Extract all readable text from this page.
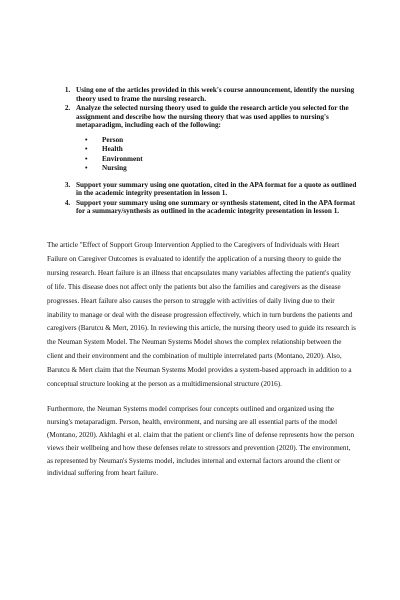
1. Using one of the articles provided in this week's course announcement, identify the nursing theory used to frame the nursing research.
2. Analyze the selected nursing theory used to guide the research article you selected for the assignment and describe how the nursing theory that was used applies to nursing's metaparadigm, including each of the following:
• Person
• Health
• Environment
• Nursing
3. Support your summary using one quotation, cited in the APA format for a quote as outlined in the academic integrity presentation in lesson 1.
4. Support your summary using one summary or synthesis statement, cited in the APA format for a summary/synthesis as outlined in the academic integrity presentation in lesson 1.

The article "Effect of Support Group Intervention Applied to the Caregivers of Individuals with Heart Failure on Caregiver Outcomes is evaluated to identify the application of a nursing theory to guide the nursing research. Heart failure is an illness that encapsulates many variables affecting the patient's quality of life. This disease does not affect only the patients but also the families and caregivers as the disease progresses. Heart failure also causes the person to struggle with activities of daily living due to their inability to manage or deal with the disease progression effectively, which in turn burdens the patients and caregivers (Barutcu & Mert, 2016). In reviewing this article, the nursing theory used to guide its research is the Neuman System Model. The Neuman Systems Model shows the complex relationship between the client and their environment and the combination of multiple interrelated parts (Montano, 2020). Also, Barutcu & Mert claim that the Neuman Systems Model provides a system-based approach in addition to a conceptual structure looking at the person as a multidimensional structure (2016).

Furthermore, the Neuman Systems model comprises four concepts outlined and organized using the nursing's metaparadigm. Person, health, environment, and nursing are all essential parts of the model (Montano, 2020). Akhlaghi et al. claim that the patient or client's line of defense represents how the person views their wellbeing and how these defenses relate to stressors and prevention (2020). The environment, as represented by Neuman's Systems model, includes internal and external factors around the client or individual suffering from heart failure.
